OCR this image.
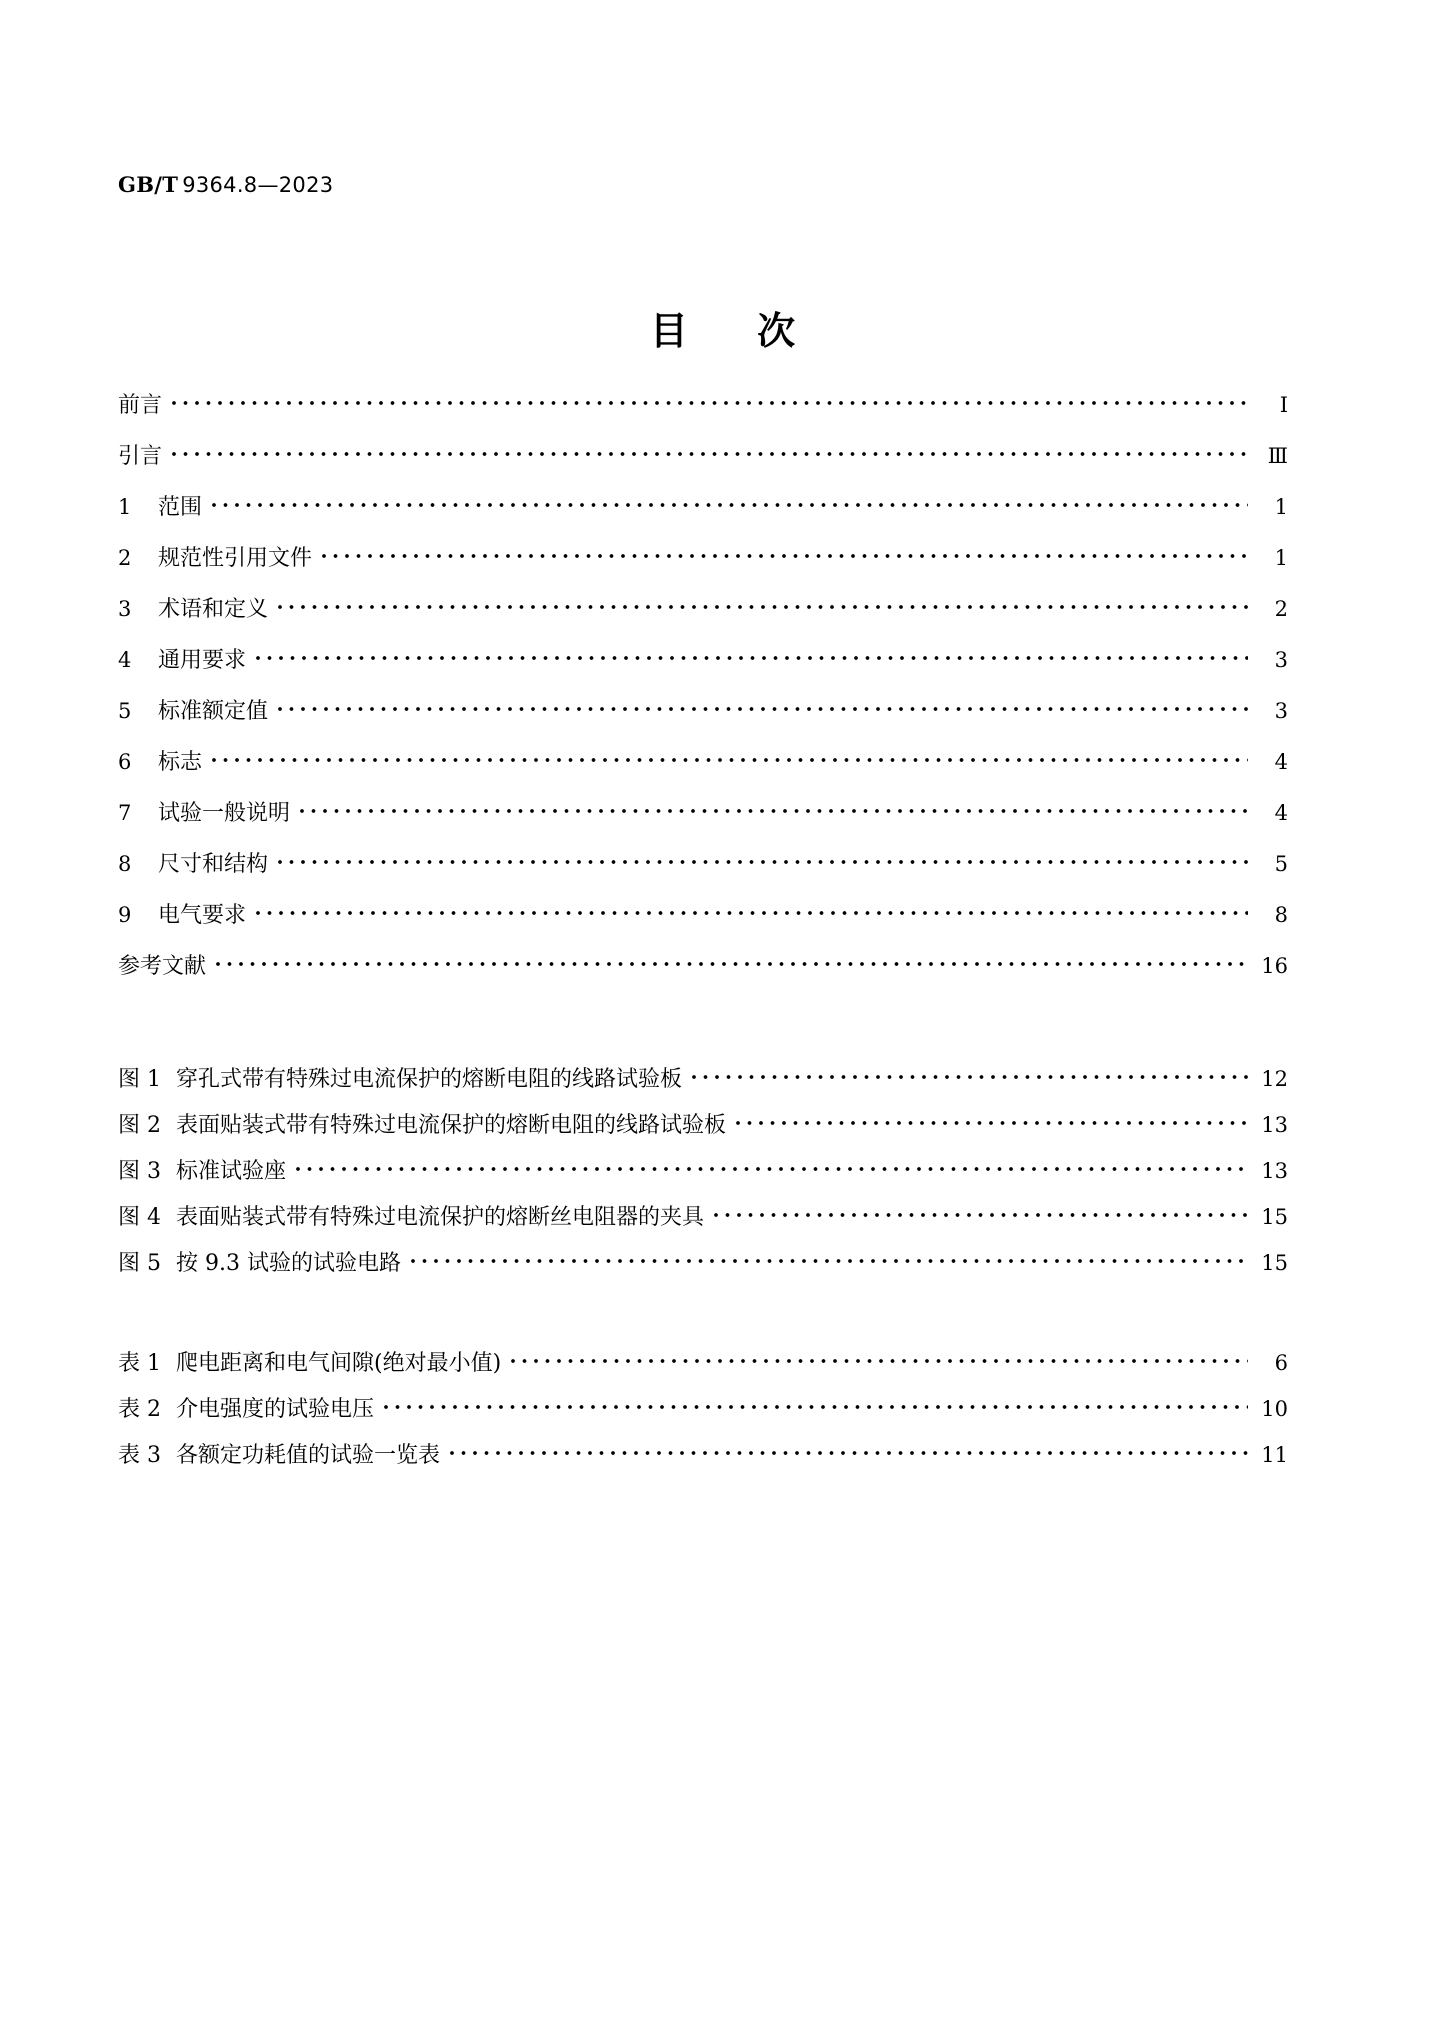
GB/T 9364.8—2023
目 次
前言	Ⅰ
引言	Ⅲ
1	范围	1
2	规范性引用文件	1
3	术语和定义	2
4	通用要求	3
5	标准额定值	3
6	标志	4
7	试验一般说明	4
8	尺寸和结构	5
9	电气要求	8
参考文献	16
图 1 穿孔式带有特殊过电流保护的熔断电阻的线路试验板	12
图 2 表面贴装式带有特殊过电流保护的熔断电阻的线路试验板	13
图 3 标准试验座	13
图 4 表面贴装式带有特殊过电流保护的熔断丝电阻器的夹具	15
图 5 按 9.3 试验的试验电路	15
表 1 爬电距离和电气间隙(绝对最小值)	6
表 2 介电强度的试验电压	10
表 3 各额定功耗值的试验一览表	11
